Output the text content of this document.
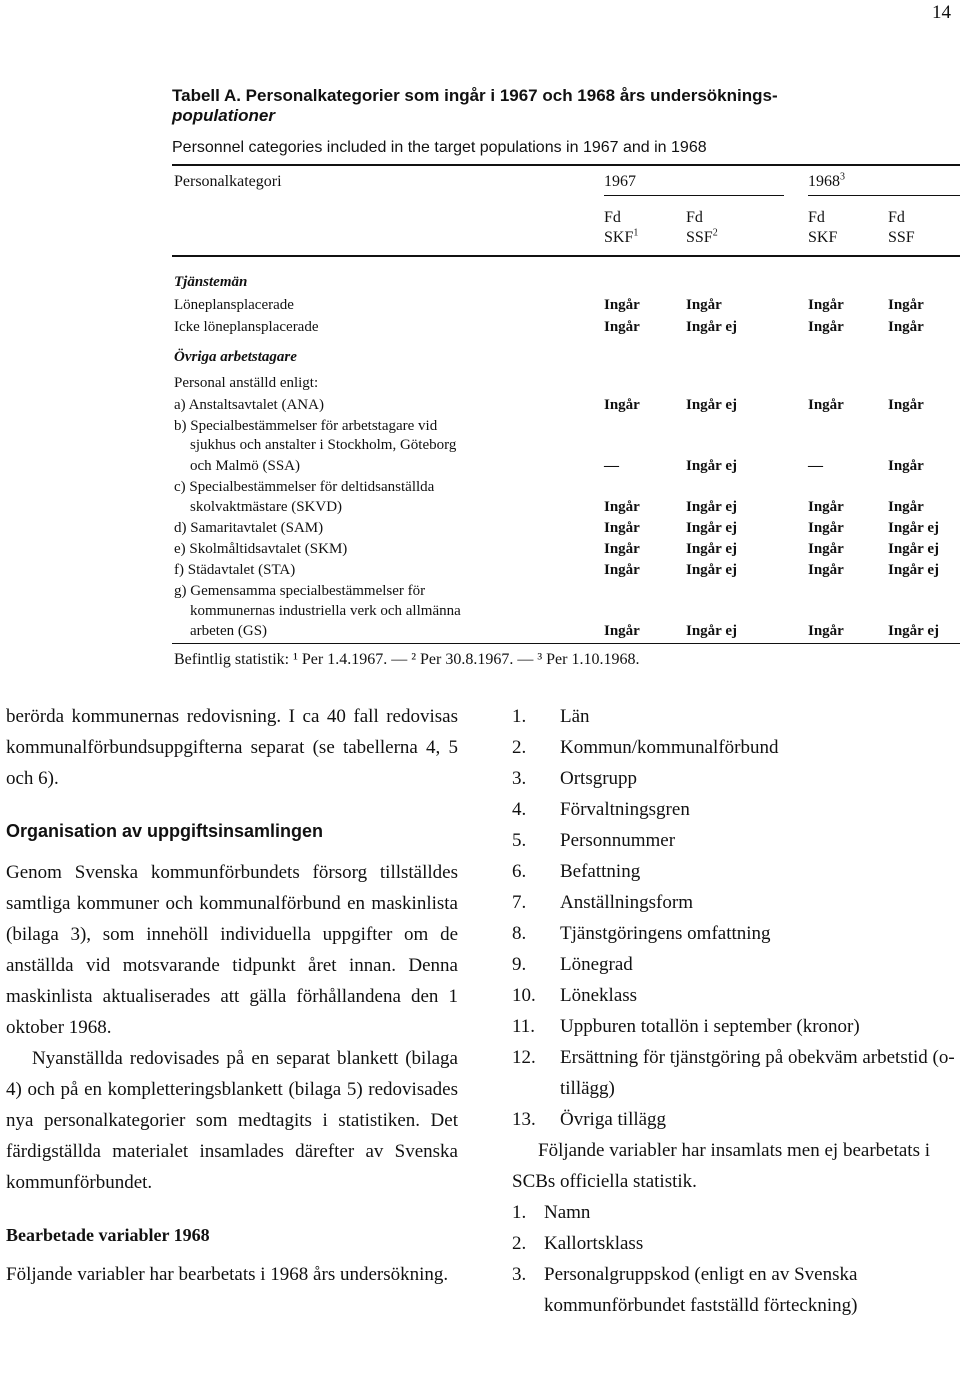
14
Tabell A. Personalkategorier som ingår i 1967 och 1968 års undersöknings-
populationer
Personnel categories included in the target populations in 1967 and in 1968
Personalkategori	1967	1968$^3$
Fd	Fd	Fd	Fd
SKF$^1$	SSF$^2$	SKF	SSF
Tjänstemän
Löneplansplacerade	Ingår	Ingår	Ingår	Ingår
Icke löneplansplacerade	Ingår	Ingår ej	Ingår	Ingår
Övriga arbetstagare
Personal anställd enligt:
a) Anstaltsavtalet (ANA)	Ingår	Ingår ej	Ingår	Ingår
b) Specialbestämmelser för arbetstagare vid
sjukhus och anstalter i Stockholm, Göteborg
och Malmö (SSA)	—	Ingår ej	—	Ingår
c) Specialbestämmelser för deltidsanställda
skolvaktmästare (SKVD)	Ingår	Ingår ej	Ingår	Ingår
d) Samaritavtalet (SAM)	Ingår	Ingår ej	Ingår	Ingår ej
e) Skolmåltidsavtalet (SKM)	Ingår	Ingår ej	Ingår	Ingår ej
f) Städavtalet (STA)	Ingår	Ingår ej	Ingår	Ingår ej
g) Gemensamma specialbestämmelser för
kommunernas industriella verk och allmänna
arbeten (GS)	Ingår	Ingår ej	Ingår	Ingår ej
Befintlig statistik: ¹ Per 1.4.1967. — ² Per 30.8.1967. — ³ Per 1.10.1968.

berörda kommunernas redovisning. I ca 40 fall redovisas kommunalförbundsuppgifterna separat (se tabellerna 4, 5 och 6).

Organisation av uppgiftsinsamlingen

Genom Svenska kommunförbundets försorg tillställdes samtliga kommuner och kommunalförbund en maskinlista (bilaga 3), som innehöll individuella uppgifter om de anställda vid motsvarande tidpunkt året innan. Denna maskinlista aktualiserades att gälla förhållandena den 1 oktober 1968.

Nyanställda redovisades på en separat blankett (bilaga 4) och på en kompletteringsblankett (bilaga 5) redovisades nya personalkategorier som medtagits i statistiken. Det färdigställda materialet insamlades därefter av Svenska kommunförbundet.

Bearbetade variabler 1968

Följande variabler har bearbetats i 1968 års undersökning.

1.	Län
2.	Kommun/kommunalförbund
3.	Ortsgrupp
4.	Förvaltningsgren
5.	Personnummer
6.	Befattning
7.	Anställningsform
8.	Tjänstgöringens omfattning
9.	Lönegrad
10.	Löneklass
11.	Uppburen totallön i september (kronor)
12.	Ersättning för tjänstgöring på obekväm arbetstid (o-tillägg)
13.	Övriga tillägg

Följande variabler har insamlats men ej bearbetats i SCBs officiella statistik.

1. Namn
2. Kallortsklass
3. Personalgruppskod (enligt en av Svenska kommunförbundet fastställd förteckning)
